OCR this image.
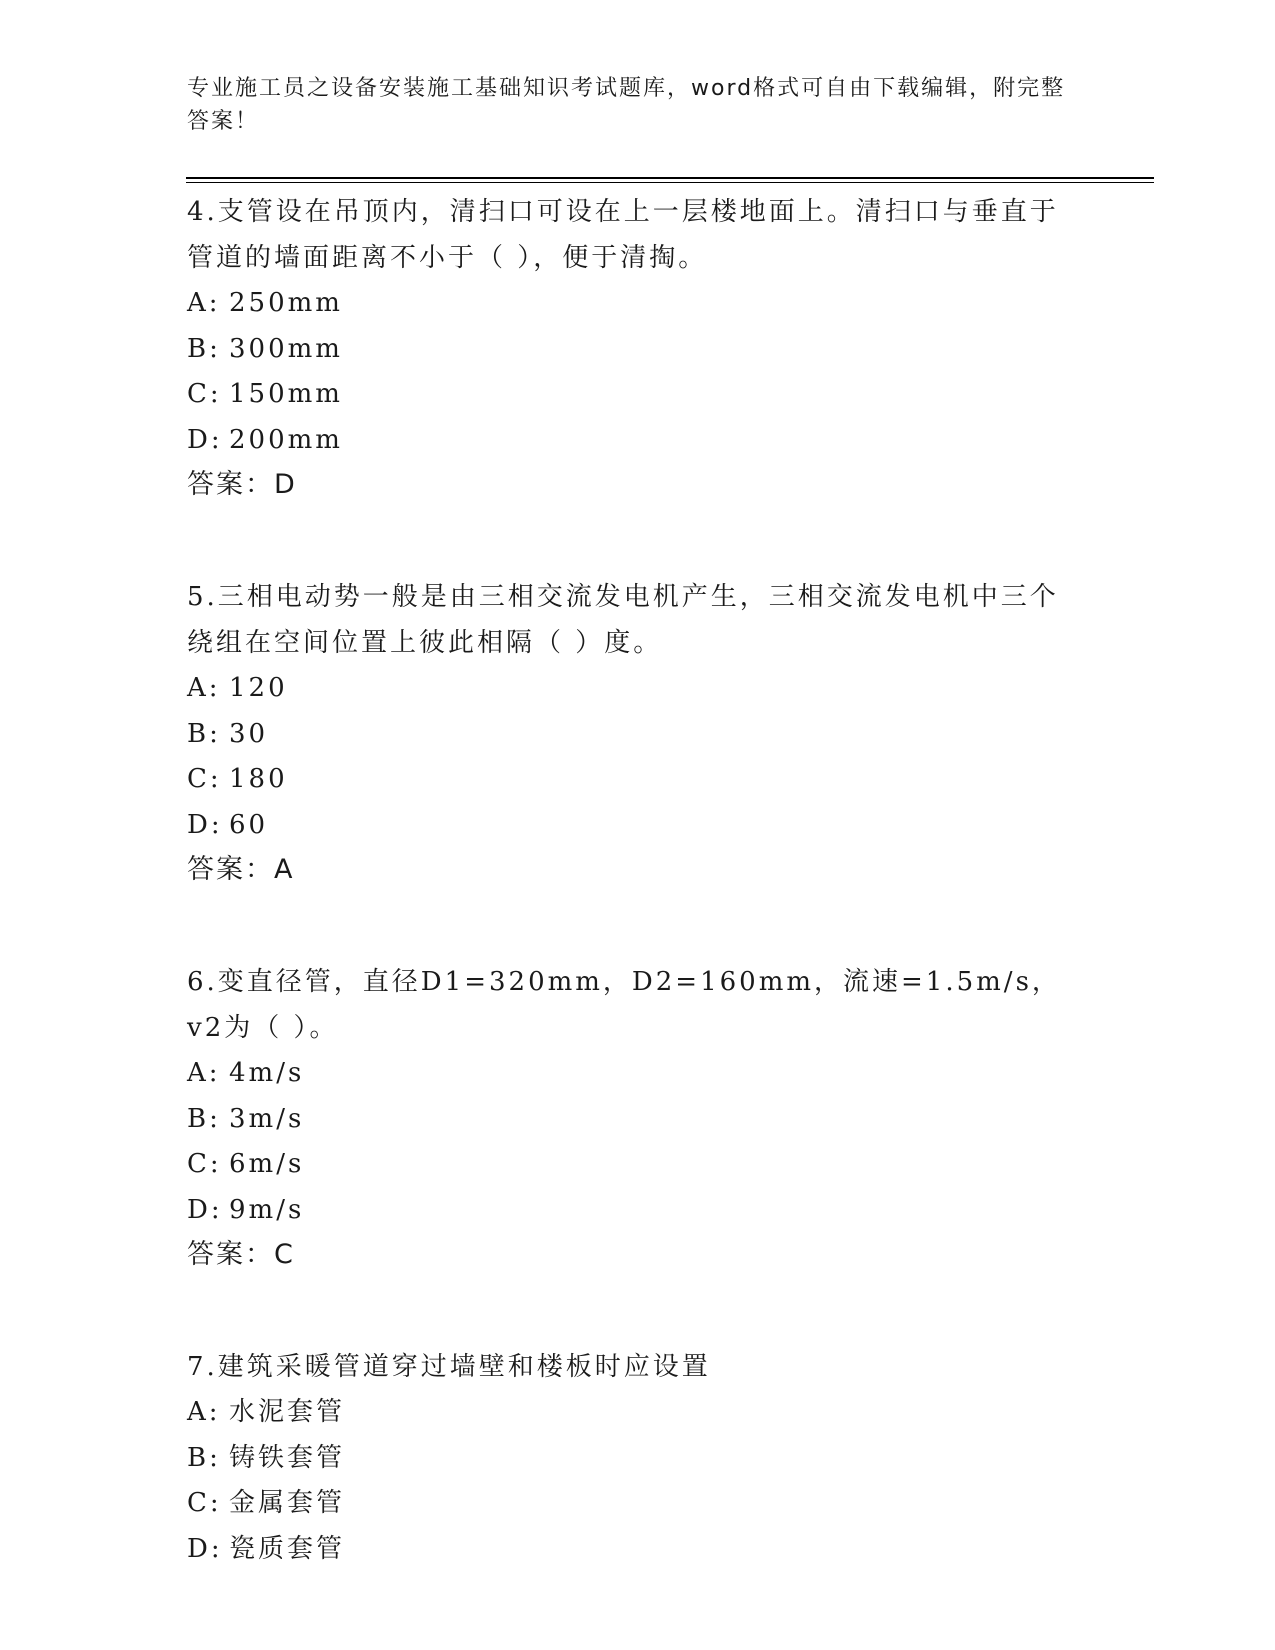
专业施工员之设备安装施工基础知识考试题库，word格式可自由下载编辑，附完整答案！

4.支管设在吊顶内，清扫口可设在上一层楼地面上。清扫口与垂直于管道的墙面距离不小于（ ），便于清掏。

A: 250mm
B: 300mm
C: 150mm
D: 200mm
答案：D

5.三相电动势一般是由三相交流发电机产生，三相交流发电机中三个绕组在空间位置上彼此相隔（ ）度。

A: 120
B: 30
C: 180
D: 60
答案：A

6.变直径管，直径D1=320mm，D2=160mm，流速=1.5m/s，v2为（ ）。

A: 4m/s
B: 3m/s
C: 6m/s
D: 9m/s
答案：C

7.建筑采暖管道穿过墙壁和楼板时应设置

A: 水泥套管
B: 铸铁套管
C: 金属套管
D: 瓷质套管
